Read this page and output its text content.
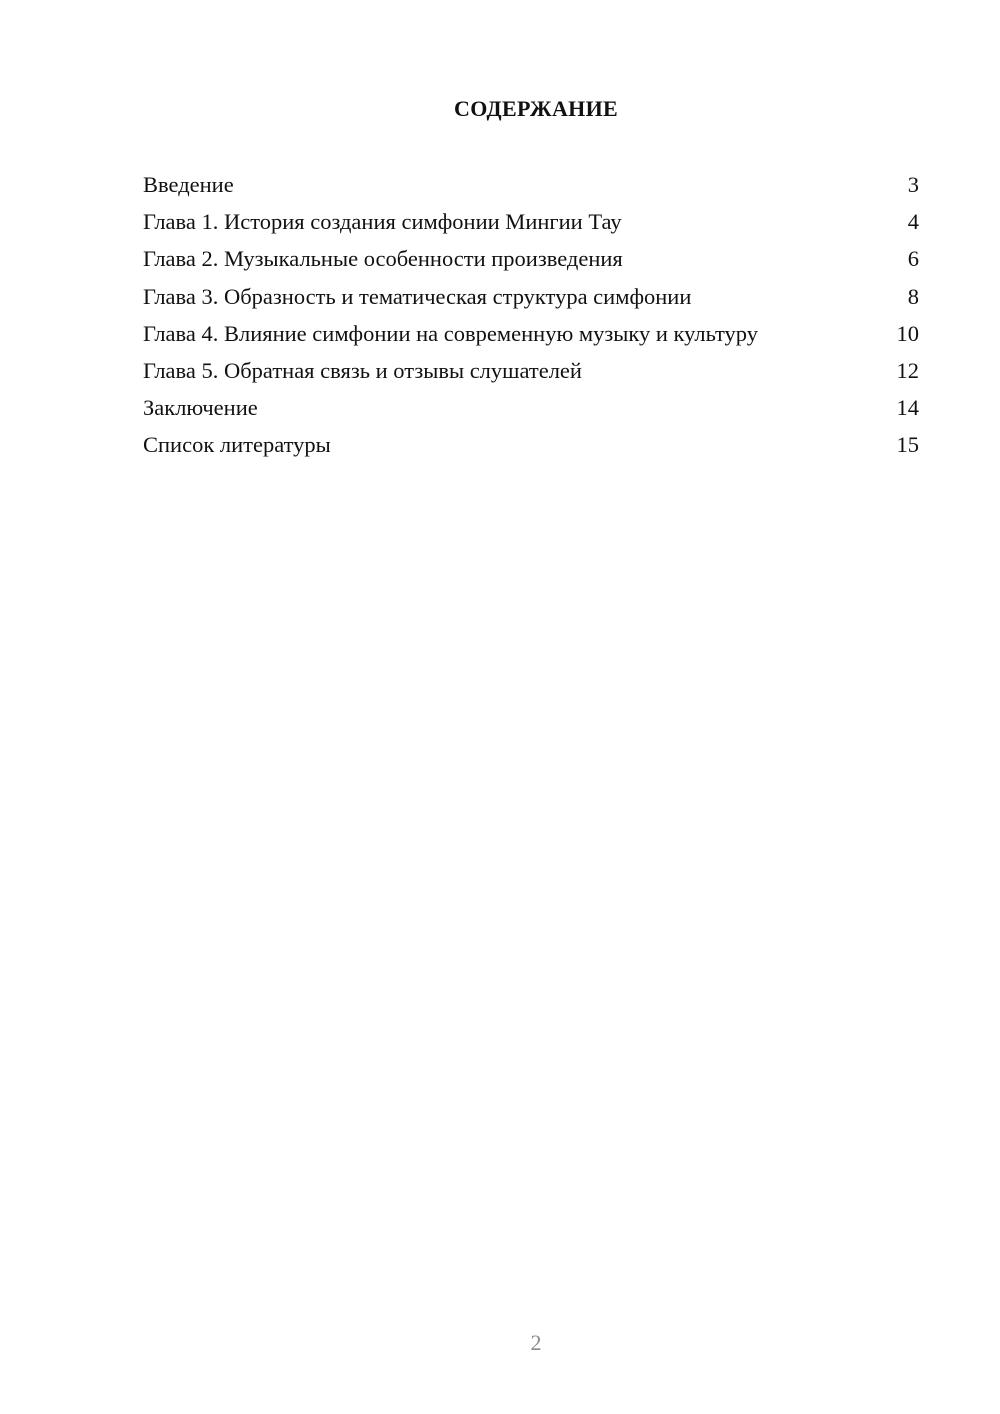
СОДЕРЖАНИЕ
Введение	3
Глава 1. История создания симфонии Мингии Тау	4
Глава 2. Музыкальные особенности произведения	6
Глава 3. Образность и тематическая структура симфонии	8
Глава 4. Влияние симфонии на современную музыку и культуру	10
Глава 5. Обратная связь и отзывы слушателей	12
Заключение	14
Список литературы	15
2
